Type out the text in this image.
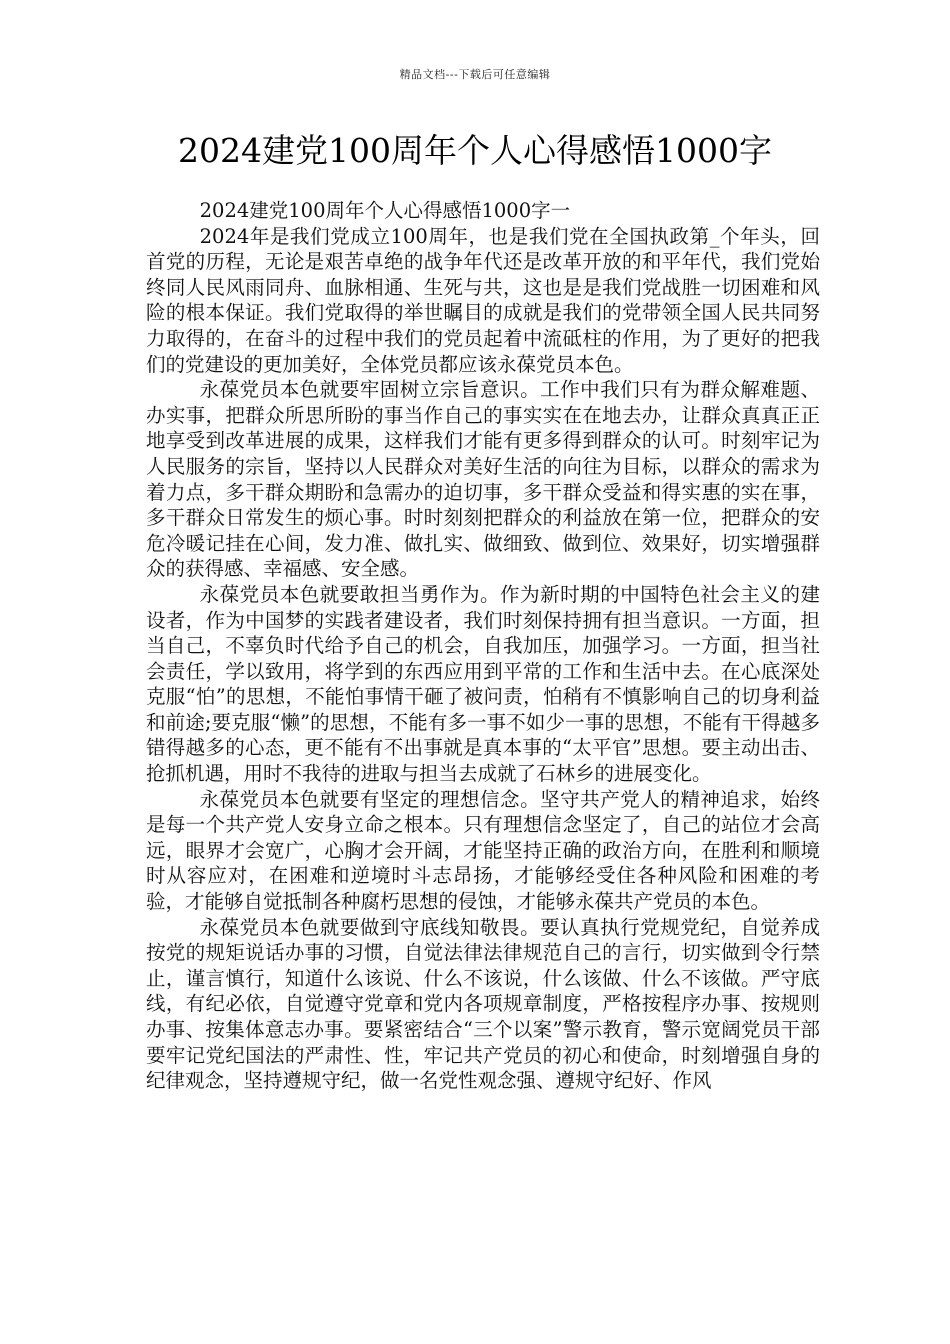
精品文档---下载后可任意编辑
2024建党100周年个人心得感悟1000字

2024建党100周年个人心得感悟1000字一

2024年是我们党成立100周年，也是我们党在全国执政第_个年头，回首党的历程，无论是艰苦卓绝的战争年代还是改革开放的和平年代，我们党始终同人民风雨同舟、血脉相通、生死与共，这也是是我们党战胜一切困难和风险的根本保证。我们党取得的举世瞩目的成就是我们的党带领全国人民共同努力取得的，在奋斗的过程中我们的党员起着中流砥柱的作用，为了更好的把我们的党建设的更加美好，全体党员都应该永葆党员本色。

永葆党员本色就要牢固树立宗旨意识。工作中我们只有为群众解难题、办实事，把群众所思所盼的事当作自己的事实实在在地去办，让群众真真正正地享受到改革进展的成果，这样我们才能有更多得到群众的认可。时刻牢记为人民服务的宗旨，坚持以人民群众对美好生活的向往为目标，以群众的需求为着力点，多干群众期盼和急需办的迫切事，多干群众受益和得实惠的实在事，多干群众日常发生的烦心事。时时刻刻把群众的利益放在第一位，把群众的安危冷暖记挂在心间，发力准、做扎实、做细致、做到位、效果好，切实增强群众的获得感、幸福感、安全感。

永葆党员本色就要敢担当勇作为。作为新时期的中国特色社会主义的建设者，作为中国梦的实践者建设者，我们时刻保持拥有担当意识。一方面，担当自己，不辜负时代给予自己的机会，自我加压，加强学习。一方面，担当社会责任，学以致用，将学到的东西应用到平常的工作和生活中去。在心底深处克服“怕”的思想，不能怕事情干砸了被问责，怕稍有不慎影响自己的切身利益和前途;要克服“懒”的思想，不能有多一事不如少一事的思想，不能有干得越多错得越多的心态，更不能有不出事就是真本事的“太平官”思想。要主动出击、抢抓机遇，用时不我待的进取与担当去成就了石林乡的进展变化。

永葆党员本色就要有坚定的理想信念。坚守共产党人的精神追求，始终是每一个共产党人安身立命之根本。只有理想信念坚定了，自己的站位才会高远，眼界才会宽广，心胸才会开阔，才能坚持正确的政治方向，在胜利和顺境时从容应对，在困难和逆境时斗志昂扬，才能够经受住各种风险和困难的考验，才能够自觉抵制各种腐朽思想的侵蚀，才能够永葆共产党员的本色。

永葆党员本色就要做到守底线知敬畏。要认真执行党规党纪，自觉养成按党的规矩说话办事的习惯，自觉法律法律规范自己的言行，切实做到令行禁止，谨言慎行，知道什么该说、什么不该说，什么该做、什么不该做。严守底线，有纪必依，自觉遵守党章和党内各项规章制度，严格按程序办事、按规则办事、按集体意志办事。要紧密结合“三个以案”警示教育，警示宽阔党员干部要牢记党纪国法的严肃性、性，牢记共产党员的初心和使命，时刻增强自身的纪律观念，坚持遵规守纪，做一名党性观念强、遵规守纪好、作风
